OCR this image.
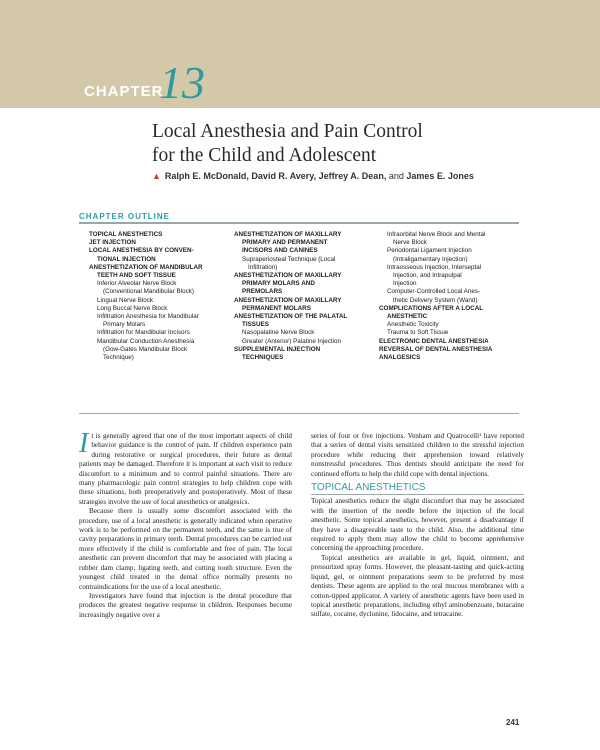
CHAPTER
13
Local Anesthesia and Pain Control
for the Child and Adolescent
▲ Ralph E. McDonald, David R. Avery, Jeffrey A. Dean, and James E. Jones
CHAPTER OUTLINE
TOPICAL ANESTHETICS
JET INJECTION
LOCAL ANESTHESIA BY CONVEN-
TIONAL INJECTION
ANESTHETIZATION OF MANDIBULAR
TEETH AND SOFT TISSUE
Inferior Alveolar Nerve Block
(Conventional Mandibular Block)
Lingual Nerve Block
Long Buccal Nerve Block
Infiltration Anesthesia for Mandibular
Primary Molars
Infiltration for Mandibular Incisors
Mandibular Conduction Anesthesia
(Gow-Gates Mandibular Block
Technique)
ANESTHETIZATION OF MAXILLARY
PRIMARY AND PERMANENT
INCISORS AND CANINES
Supraperiosteal Technique (Local
Infiltration)
ANESTHETIZATION OF MAXILLARY
PRIMARY MOLARS AND
PREMOLARS
ANESTHETIZATION OF MAXILLARY
PERMANENT MOLARS
ANESTHETIZATION OF THE PALATAL
TISSUES
Nasopalatine Nerve Block
Greater (Anterior) Palatine Injection
SUPPLEMENTAL INJECTION
TECHNIQUES
Infraorbital Nerve Block and Mental
Nerve Block
Periodontal Ligament Injection
(Intraligamentary Injection)
Intraosseous Injection, Interseptal
Injection, and Intrapulpal
Injection
Computer-Controlled Local Anes-
thetic Delivery System (Wand)
COMPLICATIONS AFTER A LOCAL
ANESTHETIC
Anesthetic Toxicity
Trauma to Soft Tissue
ELECTRONIC DENTAL ANESTHESIA
REVERSAL OF DENTAL ANESTHESIA
ANALGESICS

It is generally agreed that one of the most important aspects of child behavior guidance is the control of pain. If children experience pain during restorative or surgical procedures, their future as dental patients may be damaged. Therefore it is important at each visit to reduce discomfort to a minimum and to control painful situations. There are many pharmacologic pain control strategies to help children cope with these situations, both preoperatively and postoperatively. Most of these strategies involve the use of local anesthetics or analgesics.

Because there is usually some discomfort associated with the procedure, use of a local anesthetic is generally indicated when operative work is to be performed on the permanent teeth, and the same is true of cavity preparations in primary teeth. Dental procedures can be carried out more effectively if the child is comfortable and free of pain. The local anesthetic can prevent discomfort that may be associated with placing a rubber dam clamp, ligating teeth, and cutting tooth structure. Even the youngest child treated in the dental office normally presents no contraindications for the use of a local anesthetic.

Investigators have found that injection is the dental procedure that produces the greatest negative response in children. Responses become increasingly negative over a

series of four or five injections. Venham and Quatrocelli¹ have reported that a series of dental visits sensitized children to the stressful injection procedure while reducing their apprehension toward relatively nonstressful procedures. Thus dentists should anticipate the need for continued efforts to help the child cope with dental injections.

TOPICAL ANESTHETICS

Topical anesthetics reduce the slight discomfort that may be associated with the insertion of the needle before the injection of the local anesthetic. Some topical anesthetics, however, present a disadvantage if they have a disagreeable taste to the child. Also, the additional time required to apply them may allow the child to become apprehensive concerning the approaching procedure.

Topical anesthetics are available in gel, liquid, ointment, and pressurized spray forms. However, the pleasant-tasting and quick-acting liquid, gel, or ointment preparations seem to be preferred by most dentists. These agents are applied to the oral mucous membranes with a cotton-tipped applicator. A variety of anesthetic agents have been used in topical anesthetic preparations, including ethyl aminobenzoate, butacaine sulfate, cocaine, dyclonine, lidocaine, and tetracaine.

241
